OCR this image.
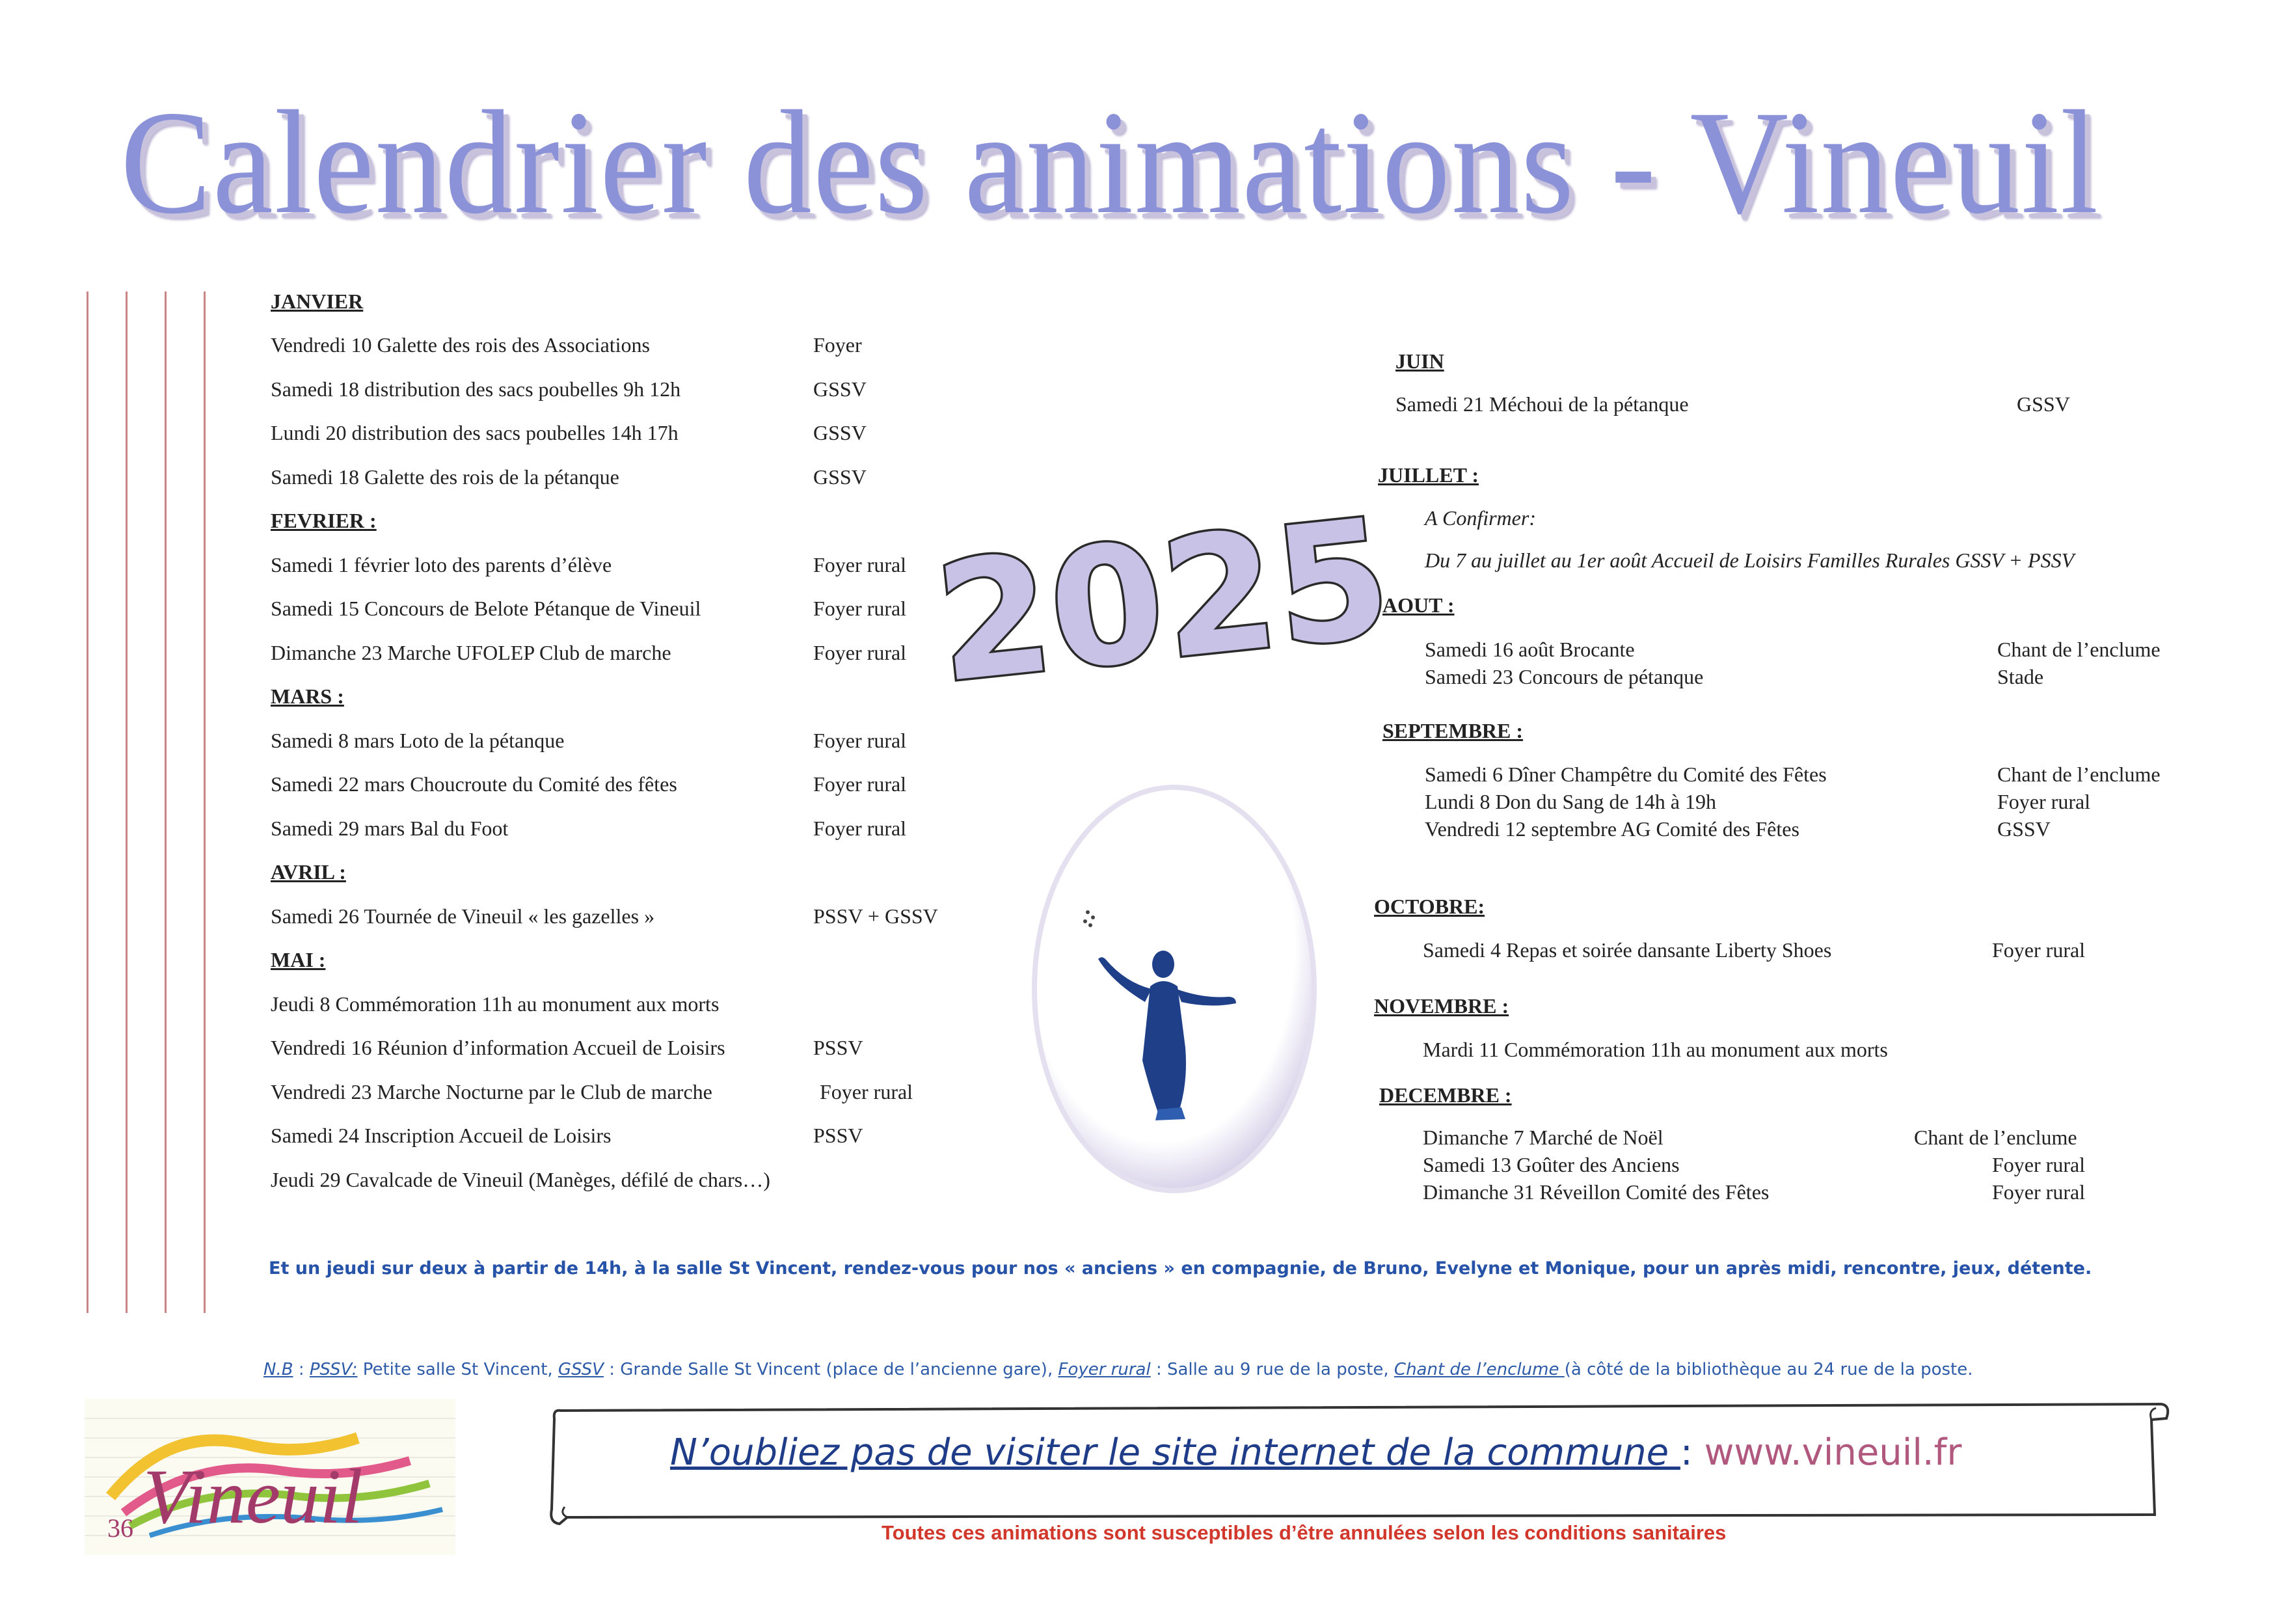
Calendrier des animations - Vineuil
JANVIER
Vendredi 10 Galette des rois des Associations	Foyer
Samedi 18 distribution des sacs poubelles 9h 12h	GSSV
Lundi 20 distribution des sacs poubelles 14h 17h	GSSV
Samedi 18 Galette des rois de la pétanque	GSSV
FEVRIER :
Samedi 1 février loto des parents d’élève	Foyer rural
Samedi 15 Concours de Belote Pétanque de Vineuil	Foyer rural
Dimanche 23 Marche UFOLEP Club de marche	Foyer rural
MARS :
Samedi 8 mars Loto de la pétanque	Foyer rural
Samedi 22 mars Choucroute du Comité des fêtes	Foyer rural
Samedi 29 mars Bal du Foot	Foyer rural
AVRIL :
Samedi 26 Tournée de Vineuil « les gazelles »	PSSV + GSSV
MAI :
Jeudi 8 Commémoration 11h au monument aux morts
Vendredi 16 Réunion d’information Accueil de Loisirs	PSSV
Vendredi 23 Marche Nocturne par le Club de marche	Foyer rural
Samedi 24 Inscription Accueil de Loisirs	PSSV
Jeudi 29 Cavalcade de Vineuil (Manèges, défilé de chars…)
2025
JUIN
Samedi 21 Méchoui de la pétanque	GSSV
JUILLET :
A Confirmer:
Du 7 au juillet au 1er août Accueil de Loisirs Familles Rurales GSSV + PSSV
AOUT :
Samedi 16 août Brocante	Chant de l’enclume
Samedi 23 Concours de pétanque	Stade
SEPTEMBRE :
Samedi 6 Dîner Champêtre du Comité des Fêtes	Chant de l’enclume
Lundi 8 Don du Sang de 14h à 19h	Foyer rural
Vendredi 12 septembre AG Comité des Fêtes	GSSV
OCTOBRE:
Samedi 4 Repas et soirée dansante Liberty Shoes	Foyer rural
NOVEMBRE :
Mardi 11 Commémoration 11h au monument aux morts
DECEMBRE :
Dimanche 7 Marché de Noël	Chant de l’enclume
Samedi 13 Goûter des Anciens	Foyer rural
Dimanche 31 Réveillon Comité des Fêtes	Foyer rural
Et un jeudi sur deux à partir de 14h, à la salle St Vincent, rendez-vous pour nos « anciens » en compagnie, de Bruno, Evelyne et Monique, pour un après midi, rencontre, jeux, détente.
N.B : PSSV: Petite salle St Vincent, GSSV : Grande Salle St Vincent (place de l’ancienne gare), Foyer rural : Salle au 9 rue de la poste, Chant de l’enclume (à côté de la bibliothèque au 24 rue de la poste.
36 Vineuil
N’oubliez pas de visiter le site internet de la commune : www.vineuil.fr
Toutes ces animations sont susceptibles d’être annulées selon les conditions sanitaires
